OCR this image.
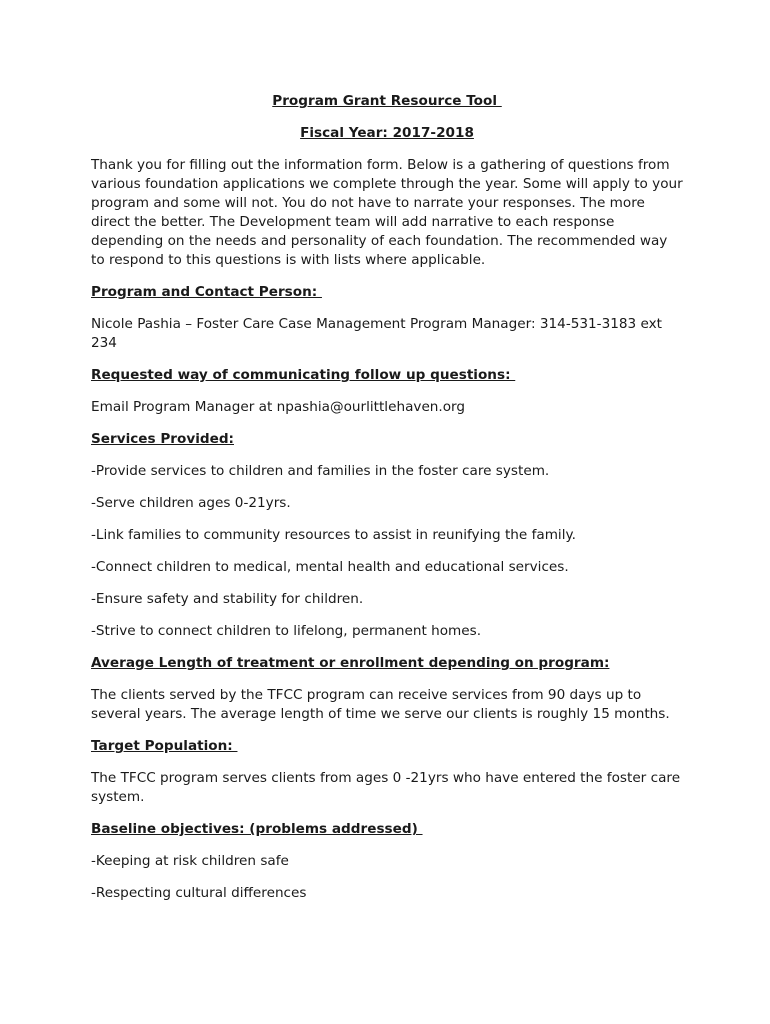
Program Grant Resource Tool

Fiscal Year: 2017-2018

Thank you for filling out the information form. Below is a gathering of questions from various foundation applications we complete through the year. Some will apply to your program and some will not. You do not have to narrate your responses. The more direct the better. The Development team will add narrative to each response depending on the needs and personality of each foundation. The recommended way to respond to this questions is with lists where applicable.

Program and Contact Person:

Nicole Pashia – Foster Care Case Management Program Manager: 314-531-3183 ext 234

Requested way of communicating follow up questions:

Email Program Manager at npashia@ourlittlehaven.org

Services Provided:

-Provide services to children and families in the foster care system.

-Serve children ages 0-21yrs.

-Link families to community resources to assist in reunifying the family.

-Connect children to medical, mental health and educational services.

-Ensure safety and stability for children.

-Strive to connect children to lifelong, permanent homes.

Average Length of treatment or enrollment depending on program:

The clients served by the TFCC program can receive services from 90 days up to several years. The average length of time we serve our clients is roughly 15 months.

Target Population:

The TFCC program serves clients from ages 0 -21yrs who have entered the foster care system.

Baseline objectives: (problems addressed)

-Keeping at risk children safe

-Respecting cultural differences
